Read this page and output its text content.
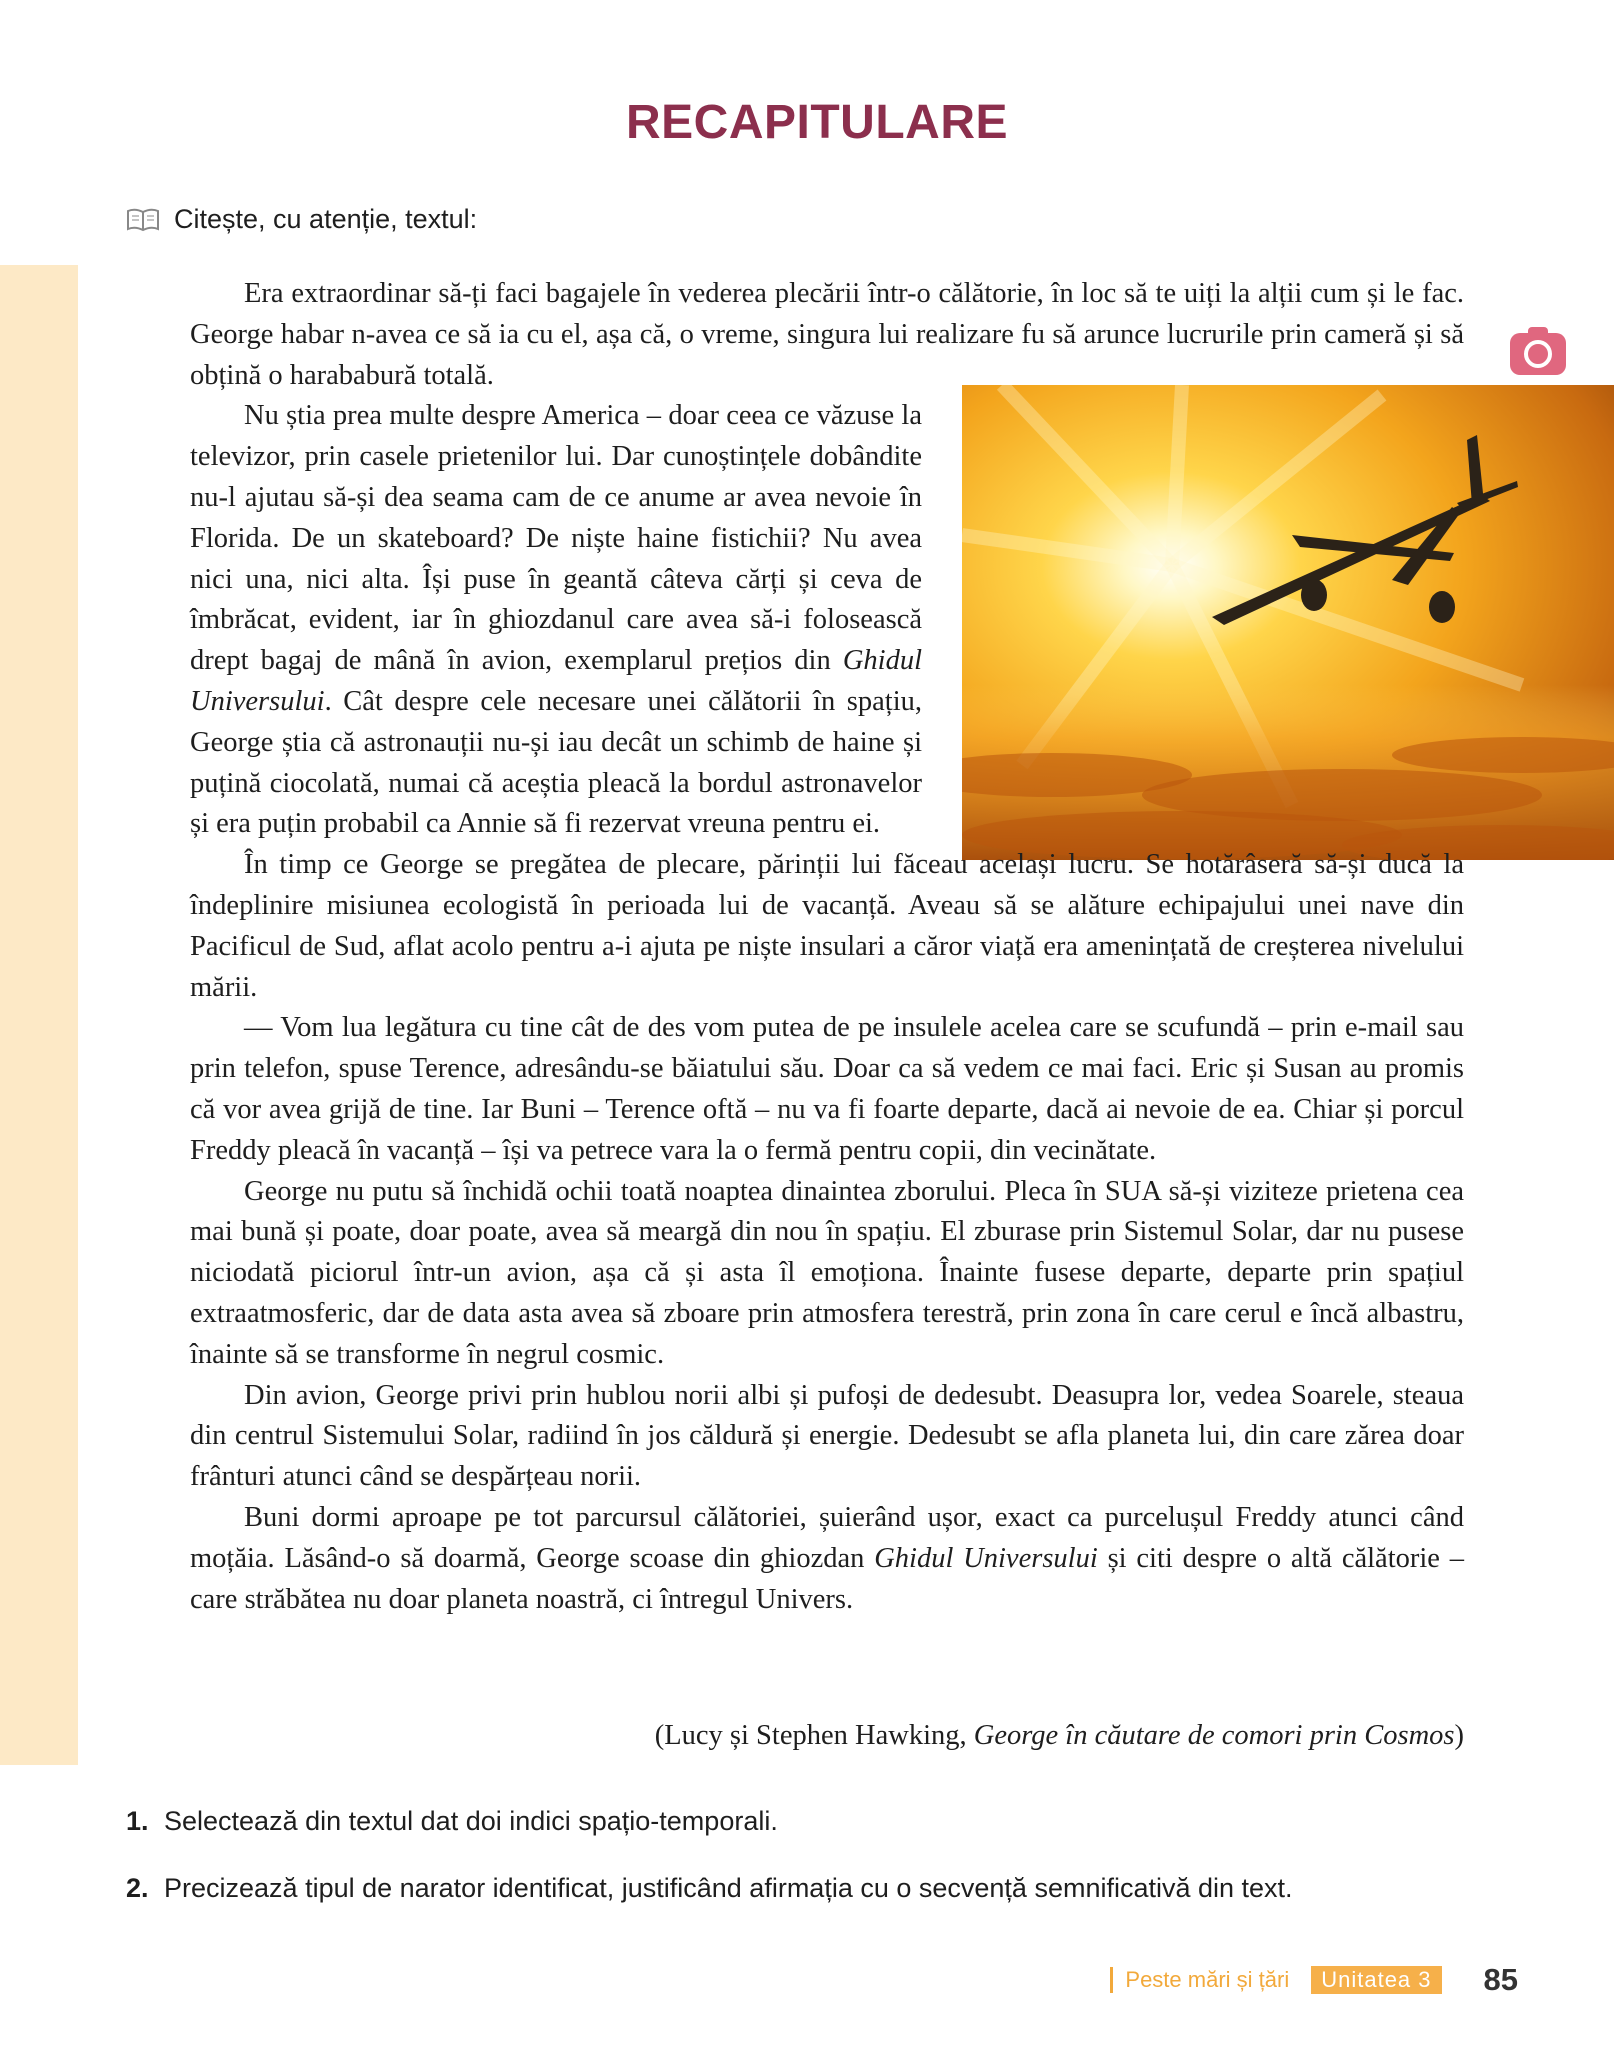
RECAPITULARE
Citește, cu atenție, textul:

Era extraordinar să-ți faci bagajele în vederea plecării într-o călătorie, în loc să te uiți la alții cum și le fac. George habar n-avea ce să ia cu el, așa că, o vreme, singura lui realizare fu să arunce lucrurile prin cameră și să obțină o harababură totală.

Nu știa prea multe despre America – doar ceea ce văzuse la televizor, prin casele prietenilor lui. Dar cunoștințele dobândite nu-l ajutau să-și dea seama cam de ce anume ar avea nevoie în Florida. De un skateboard? De niște haine fistichii? Nu avea nici una, nici alta. Își puse în geantă câteva cărți și ceva de îmbrăcat, evident, iar în ghiozdanul care avea să-i folosească drept bagaj de mână în avion, exemplarul prețios din Ghidul Universului. Cât despre cele necesare unei călătorii în spațiu, George știa că astronauții nu-și iau decât un schimb de haine și puțină ciocolată, numai că aceștia pleacă la bordul astronavelor și era puțin probabil ca Annie să fi rezervat vreuna pentru ei.

În timp ce George se pregătea de plecare, părinții lui făceau același lucru. Se hotărâseră să-și ducă la îndeplinire misiunea ecologistă în perioada lui de vacanță. Aveau să se alăture echipajului unei nave din Pacificul de Sud, aflat acolo pentru a-i ajuta pe niște insulari a căror viață era amenințată de creșterea nivelului mării.

— Vom lua legătura cu tine cât de des vom putea de pe insulele acelea care se scufundă – prin e-mail sau prin telefon, spuse Terence, adresându-se băiatului său. Doar ca să vedem ce mai faci. Eric și Susan au promis că vor avea grijă de tine. Iar Buni – Terence oftă – nu va fi foarte departe, dacă ai nevoie de ea. Chiar și porcul Freddy pleacă în vacanță – își va petrece vara la o fermă pentru copii, din vecinătate.

George nu putu să închidă ochii toată noaptea dinaintea zborului. Pleca în SUA să-și viziteze prietena cea mai bună și poate, doar poate, avea să meargă din nou în spațiu. El zburase prin Sistemul Solar, dar nu pusese niciodată piciorul într-un avion, așa că și asta îl emoționa. Înainte fusese departe, departe prin spațiul extraatmosferic, dar de data asta avea să zboare prin atmosfera terestră, prin zona în care cerul e încă albastru, înainte să se transforme în negrul cosmic.

Din avion, George privi prin hublou norii albi și pufoși de dedesubt. Deasupra lor, vedea Soarele, steaua din centrul Sistemului Solar, radiind în jos căldură și energie. Dedesubt se afla planeta lui, din care zărea doar frânturi atunci când se despărțeau norii.

Buni dormi aproape pe tot parcursul călătoriei, șuierând ușor, exact ca purcelușul Freddy atunci când moțăia. Lăsând-o să doarmă, George scoase din ghiozdan Ghidul Universului și citi despre o altă călătorie – care străbătea nu doar planeta noastră, ci întregul Univers.

(Lucy și Stephen Hawking, George în căutare de comori prin Cosmos)
1. Selectează din textul dat doi indici spațio-temporali.
2. Precizează tipul de narator identificat, justificând afirmația cu o secvență semnificativă din text.
Peste mări și țări	Unitatea 3	85
